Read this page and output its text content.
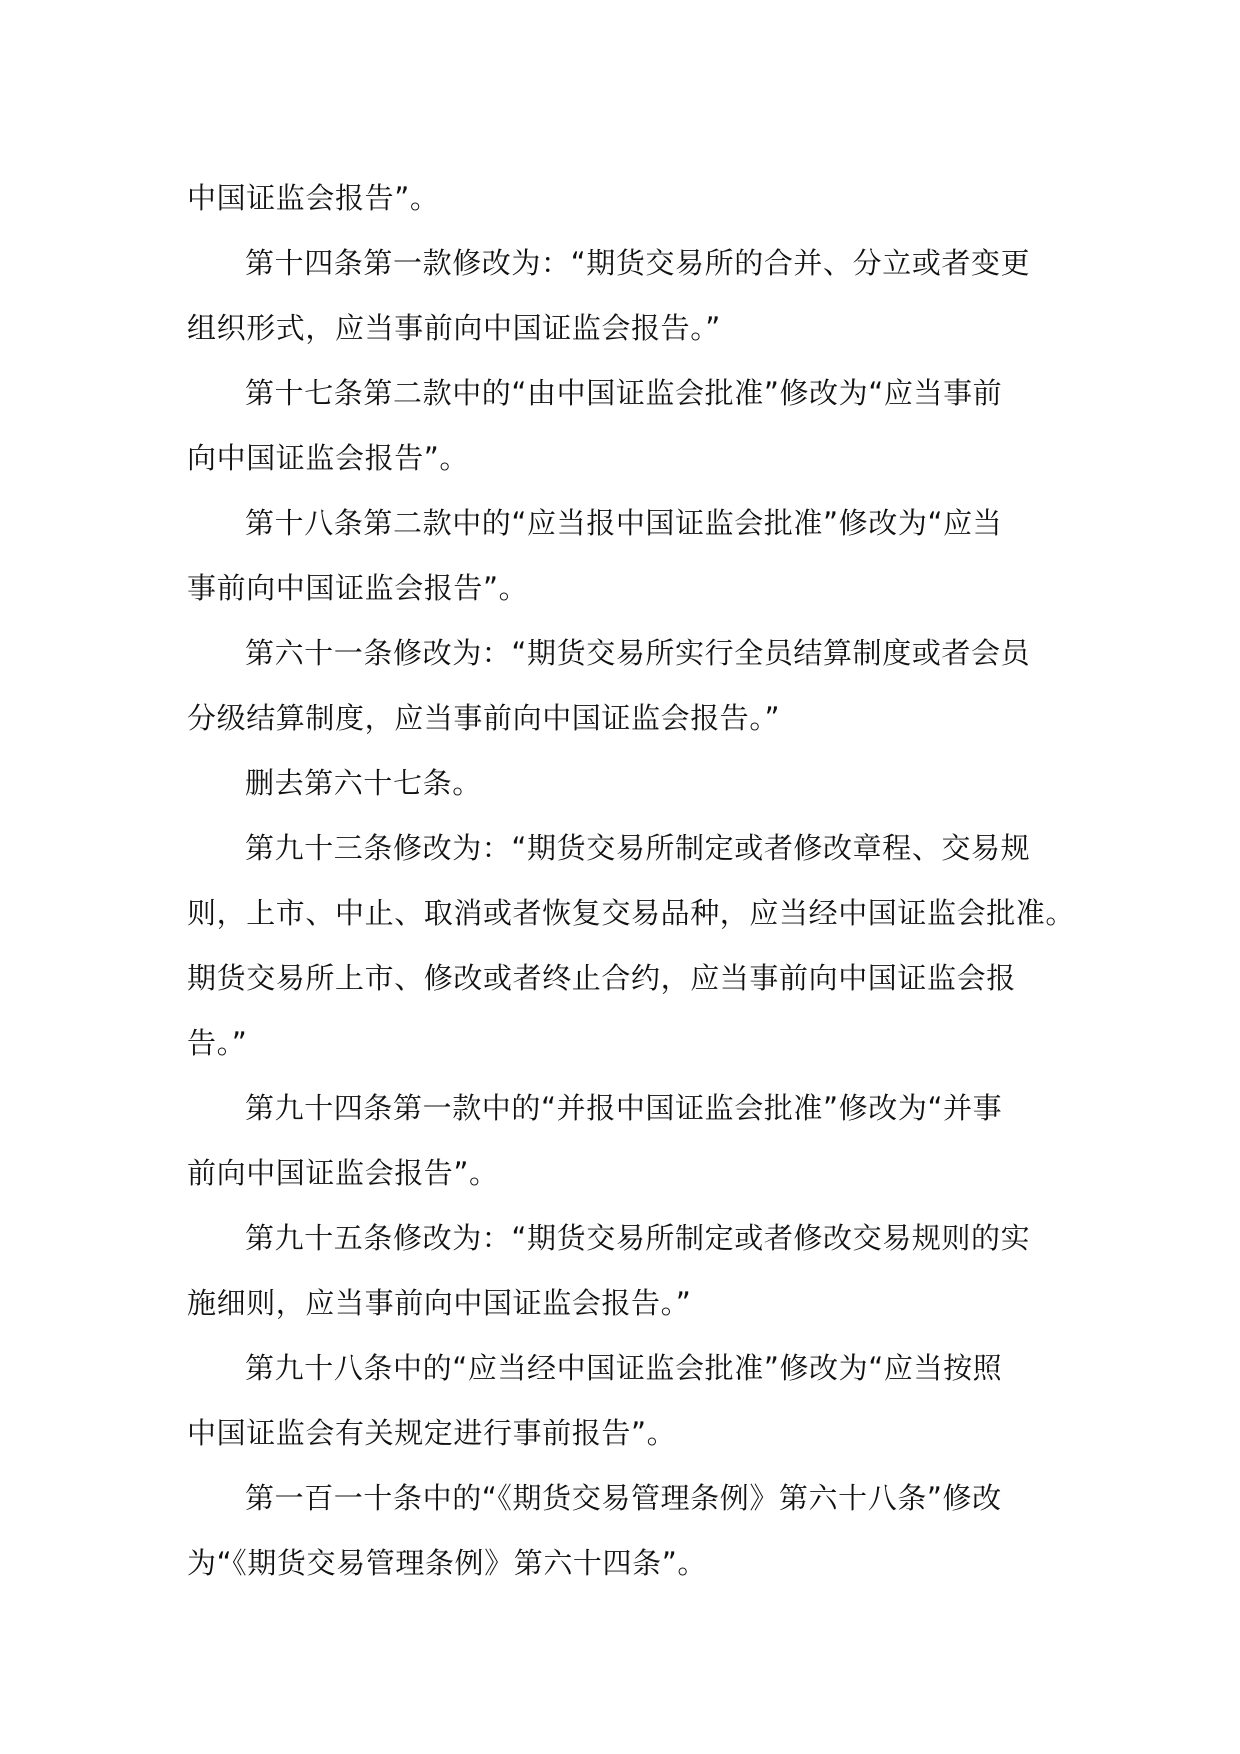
中国证监会报告”。
第十四条第一款修改为：“期货交易所的合并、分立或者变更
组织形式，应当事前向中国证监会报告。”
第十七条第二款中的“由中国证监会批准”修改为“应当事前
向中国证监会报告”。
第十八条第二款中的“应当报中国证监会批准”修改为“应当
事前向中国证监会报告”。
第六十一条修改为：“期货交易所实行全员结算制度或者会员
分级结算制度，应当事前向中国证监会报告。”
删去第六十七条。
第九十三条修改为：“期货交易所制定或者修改章程、交易规
则，上市、中止、取消或者恢复交易品种，应当经中国证监会批准。
期货交易所上市、修改或者终止合约，应当事前向中国证监会报
告。”
第九十四条第一款中的“并报中国证监会批准”修改为“并事
前向中国证监会报告”。
第九十五条修改为：“期货交易所制定或者修改交易规则的实
施细则，应当事前向中国证监会报告。”
第九十八条中的“应当经中国证监会批准”修改为“应当按照
中国证监会有关规定进行事前报告”。
第一百一十条中的“《期货交易管理条例》第六十八条”修改
为“《期货交易管理条例》第六十四条”。
